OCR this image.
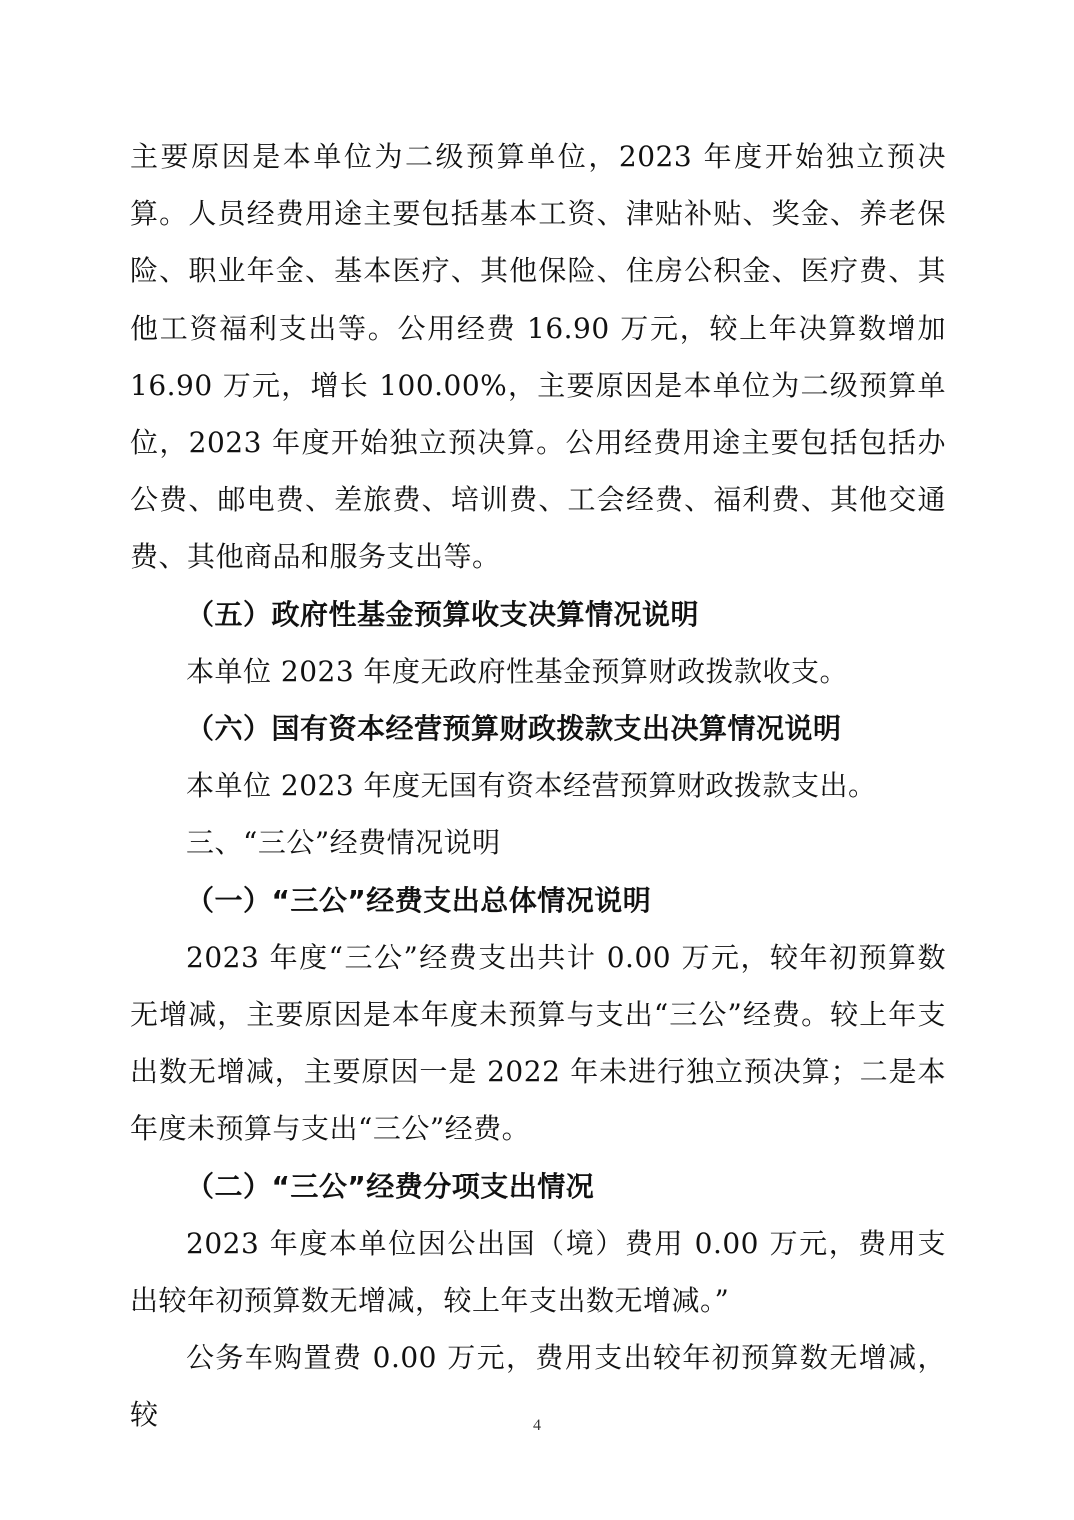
主要原因是本单位为二级预算单位，2023 年度开始独立预决算。人员经费用途主要包括基本工资、津贴补贴、奖金、养老保险、职业年金、基本医疗、其他保险、住房公积金、医疗费、其他工资福利支出等。公用经费 16.90 万元，较上年决算数增加 16.90 万元，增长 100.00%，主要原因是本单位为二级预算单位，2023 年度开始独立预决算。公用经费用途主要包括包括办公费、邮电费、差旅费、培训费、工会经费、福利费、其他交通费、其他商品和服务支出等。

（五）政府性基金预算收支决算情况说明

本单位 2023 年度无政府性基金预算财政拨款收支。

（六）国有资本经营预算财政拨款支出决算情况说明

本单位 2023 年度无国有资本经营预算财政拨款支出。

三、“三公”经费情况说明

（一）“三公”经费支出总体情况说明

2023 年度“三公”经费支出共计 0.00 万元，较年初预算数无增减，主要原因是本年度未预算与支出“三公”经费。较上年支出数无增减，主要原因一是 2022 年未进行独立预决算；二是本年度未预算与支出“三公”经费。

（二）“三公”经费分项支出情况

2023 年度本单位因公出国（境）费用 0.00 万元，费用支出较年初预算数无增减，较上年支出数无增减。”

公务车购置费 0.00 万元，费用支出较年初预算数无增减，较	4
